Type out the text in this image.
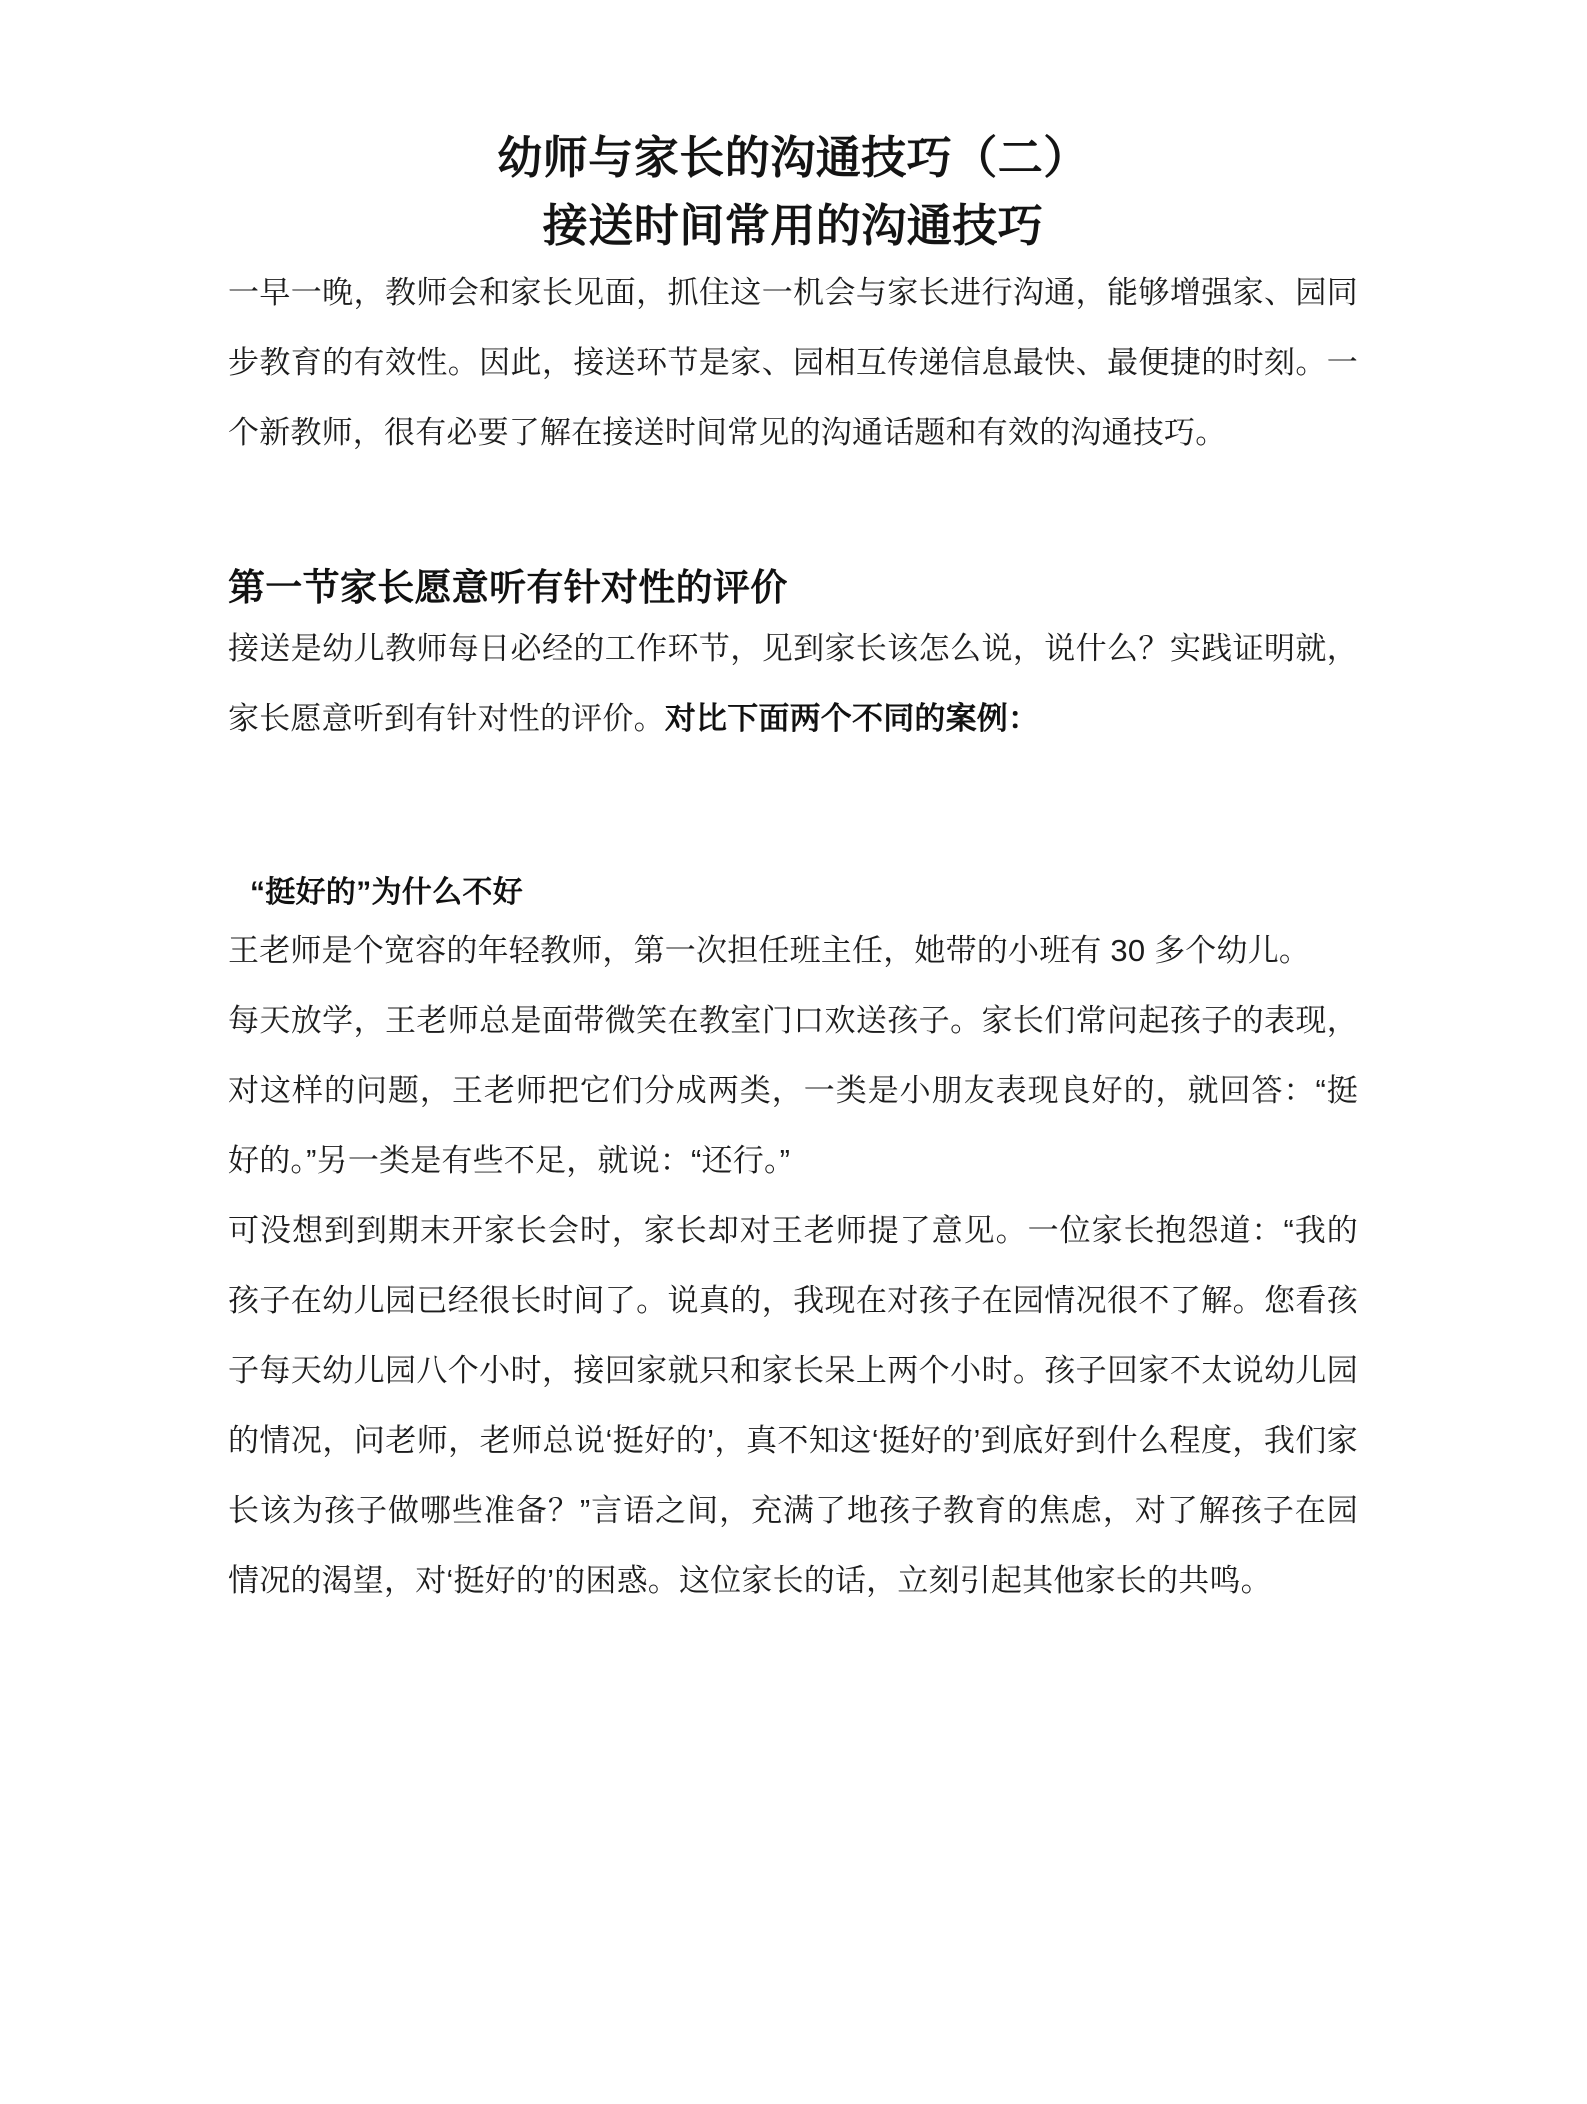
幼师与家长的沟通技巧（二）
接送时间常用的沟通技巧

一早一晚，教师会和家长见面，抓住这一机会与家长进行沟通，能够增强家、园同步教育的有效性。因此，接送环节是家、园相互传递信息最快、最便捷的时刻。一个新教师，很有必要了解在接送时间常见的沟通话题和有效的沟通技巧。

第一节家长愿意听有针对性的评价

接送是幼儿教师每日必经的工作环节，见到家长该怎么说，说什么？实践证明就，家长愿意听到有针对性的评价。对比下面两个不同的案例：

“挺好的”为什么不好

王老师是个宽容的年轻教师，第一次担任班主任，她带的小班有 30 多个幼儿。

每天放学，王老师总是面带微笑在教室门口欢送孩子。家长们常问起孩子的表现，对这样的问题，王老师把它们分成两类，一类是小朋友表现良好的，就回答：“挺好的。”另一类是有些不足，就说：“还行。”

可没想到到期末开家长会时，家长却对王老师提了意见。一位家长抱怨道：“我的孩子在幼儿园已经很长时间了。说真的，我现在对孩子在园情况很不了解。您看孩子每天幼儿园八个小时，接回家就只和家长呆上两个小时。孩子回家不太说幼儿园的情况，问老师，老师总说‘挺好的’，真不知这‘挺好的’到底好到什么程度，我们家长该为孩子做哪些准备？”言语之间，充满了地孩子教育的焦虑，对了解孩子在园情况的渴望，对‘挺好的’的困惑。这位家长的话，立刻引起其他家长的共鸣。
